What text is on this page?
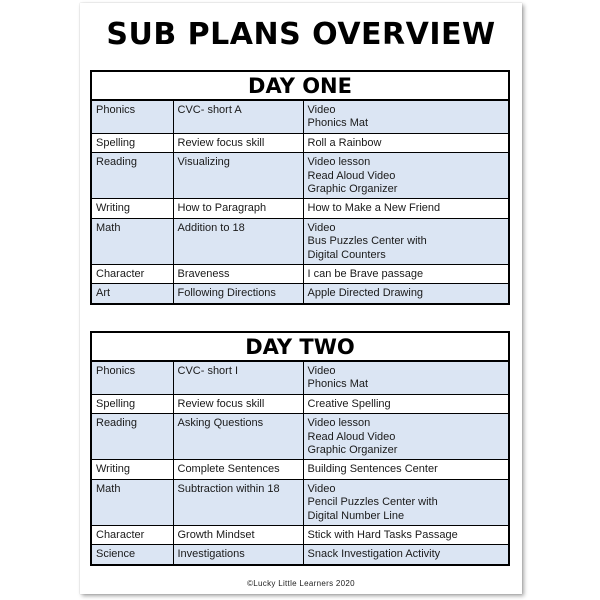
SUB PLANS OVERVIEW
DAY ONE		
Phonics	CVC- short A	Video
Phonics Mat

Spelling	Review focus skill	Roll a Rainbow

Reading	Visualizing	Video lesson
Read Aloud Video
Graphic Organizer

Writing	How to Paragraph	How to Make a New Friend

Math	Addition to 18	Video
Bus Puzzles Center with
Digital Counters

Character	Braveness	I can be Brave passage

Art	Following Directions	Apple Directed Drawing
DAY TWO		
Phonics	CVC- short I	Video
Phonics Mat

Spelling	Review focus skill	Creative Spelling

Reading	Asking Questions	Video lesson
Read Aloud Video
Graphic Organizer

Writing	Complete Sentences	Building Sentences Center

Math	Subtraction within 18	Video
Pencil Puzzles Center with
Digital Number Line

Character	Growth Mindset	Stick with Hard Tasks Passage

Science	Investigations	Snack Investigation Activity
©Lucky Little Learners 2020
